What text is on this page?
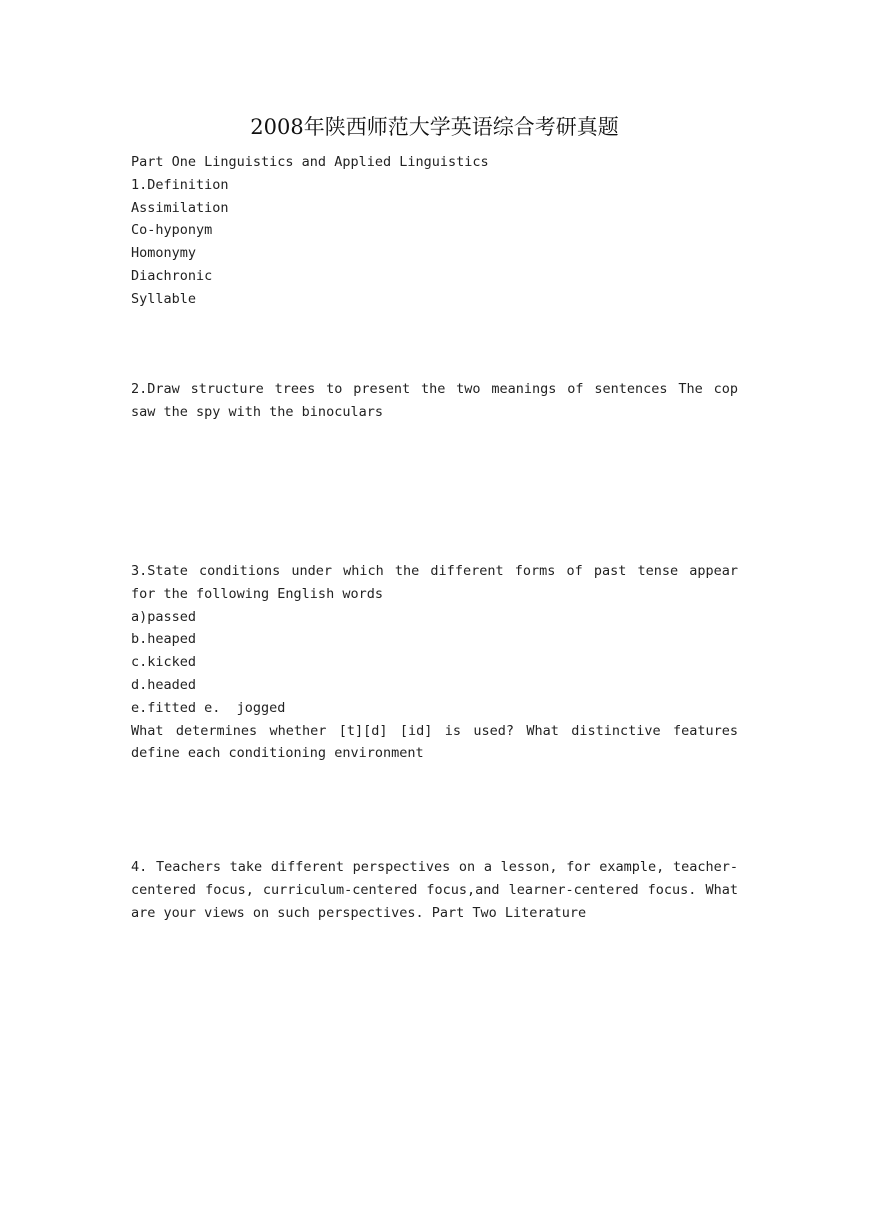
2008年陕西师范大学英语综合考研真题
Part One Linguistics and Applied Linguistics
1.Definition
Assimilation
Co-hyponym
Homonymy
Diachronic
Syllable
2.Draw structure trees to present the two meanings of sentences The cop saw the spy with the binoculars
3.State conditions under which the different forms of past tense appear for the following English words
a)passed
b.heaped
c.kicked
d.headed
e.fitted e.  jogged
What determines whether [t][d] [id] is used? What distinctive features define each conditioning environment
4. Teachers take different perspectives on a lesson, for example, teacher-centered focus, curriculum-centered focus,and learner-centered focus. What are your views on such perspectives. Part Two Literature
